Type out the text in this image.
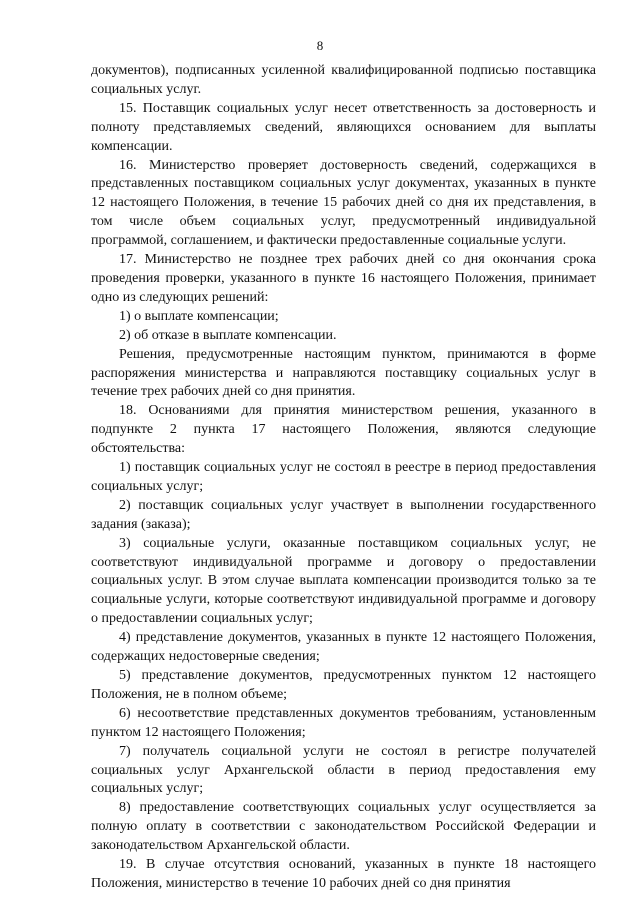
8

документов), подписанных усиленной квалифицированной подписью поставщика социальных услуг.

15. Поставщик социальных услуг несет ответственность за достоверность и полноту представляемых сведений, являющихся основанием для выплаты компенсации.

16. Министерство проверяет достоверность сведений, содержащихся в представленных поставщиком социальных услуг документах, указанных в пункте 12 настоящего Положения, в течение 15 рабочих дней со дня их представления, в том числе объем социальных услуг, предусмотренный индивидуальной программой, соглашением, и фактически предоставленные социальные услуги.

17. Министерство не позднее трех рабочих дней со дня окончания срока проведения проверки, указанного в пункте 16 настоящего Положения, принимает одно из следующих решений:

1) о выплате компенсации;

2) об отказе в выплате компенсации.

Решения, предусмотренные настоящим пунктом, принимаются в форме распоряжения министерства и направляются поставщику социальных услуг в течение трех рабочих дней со дня принятия.

18. Основаниями для принятия министерством решения, указанного в подпункте 2 пункта 17 настоящего Положения, являются следующие обстоятельства:

1) поставщик социальных услуг не состоял в реестре в период предоставления социальных услуг;

2) поставщик социальных услуг участвует в выполнении государственного задания (заказа);

3) социальные услуги, оказанные поставщиком социальных услуг, не соответствуют индивидуальной программе и договору о предоставлении социальных услуг. В этом случае выплата компенсации производится только за те социальные услуги, которые соответствуют индивидуальной программе и договору о предоставлении социальных услуг;

4) представление документов, указанных в пункте 12 настоящего Положения, содержащих недостоверные сведения;

5) представление документов, предусмотренных пунктом 12 настоящего Положения, не в полном объеме;

6) несоответствие представленных документов требованиям, установленным пунктом 12 настоящего Положения;

7) получатель социальной услуги не состоял в регистре получателей социальных услуг Архангельской области в период предоставления ему социальных услуг;

8) предоставление соответствующих социальных услуг осуществляется за полную оплату в соответствии с законодательством Российской Федерации и законодательством Архангельской области.

19. В случае отсутствия оснований, указанных в пункте 18 настоящего Положения, министерство в течение 10 рабочих дней со дня принятия
